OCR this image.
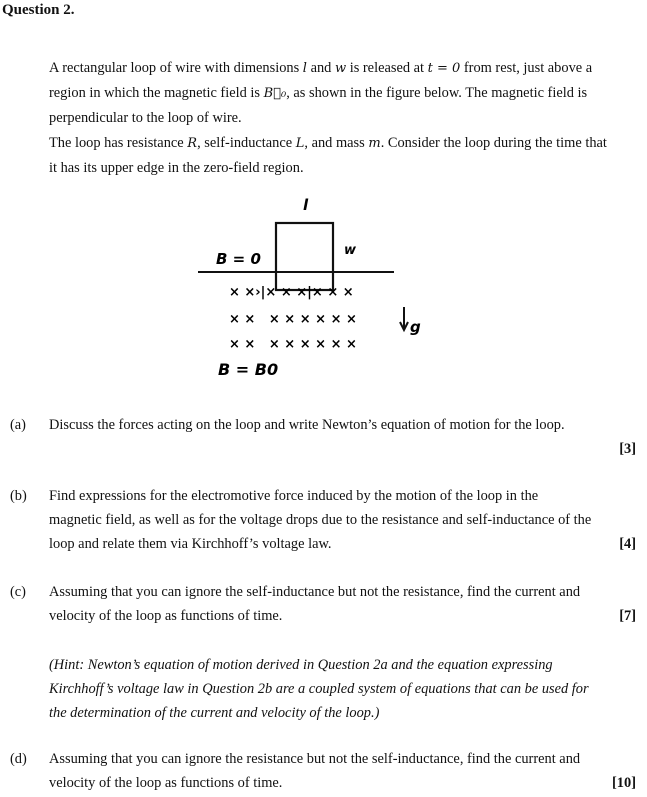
Question 2.

A rectangular loop of wire with dimensions l and w is released at t = 0 from rest, just above a region in which the magnetic field is B⃗₀, as shown in the figure below. The magnetic field is perpendicular to the loop of wire.

The loop has resistance R, self-inductance L, and mass m. Consider the loop during the time that it has its upper edge in the zero-field region.

l
w
B = 0
× ×›|× × ×|× × ×
× ×   × × × × × ×
× ×   × × × × × ×
g
B = B0
(a) Discuss the forces acting on the loop and write Newton’s equation of motion for the loop.
[3]
(b) Find expressions for the electromotive force induced by the motion of the loop in the magnetic field, as well as for the voltage drops due to the resistance and self-inductance of the loop and relate them via Kirchhoff’s voltage law.	[4]
(c) Assuming that you can ignore the self-inductance but not the resistance, find the current and velocity of the loop as functions of time.	[7]
(Hint: Newton’s equation of motion derived in Question 2a and the equation expressing Kirchhoff’s voltage law in Question 2b are a coupled system of equations that can be used for the determination of the current and velocity of the loop.)
(d) Assuming that you can ignore the resistance but not the self-inductance, find the current and velocity of the loop as functions of time.	[10]
